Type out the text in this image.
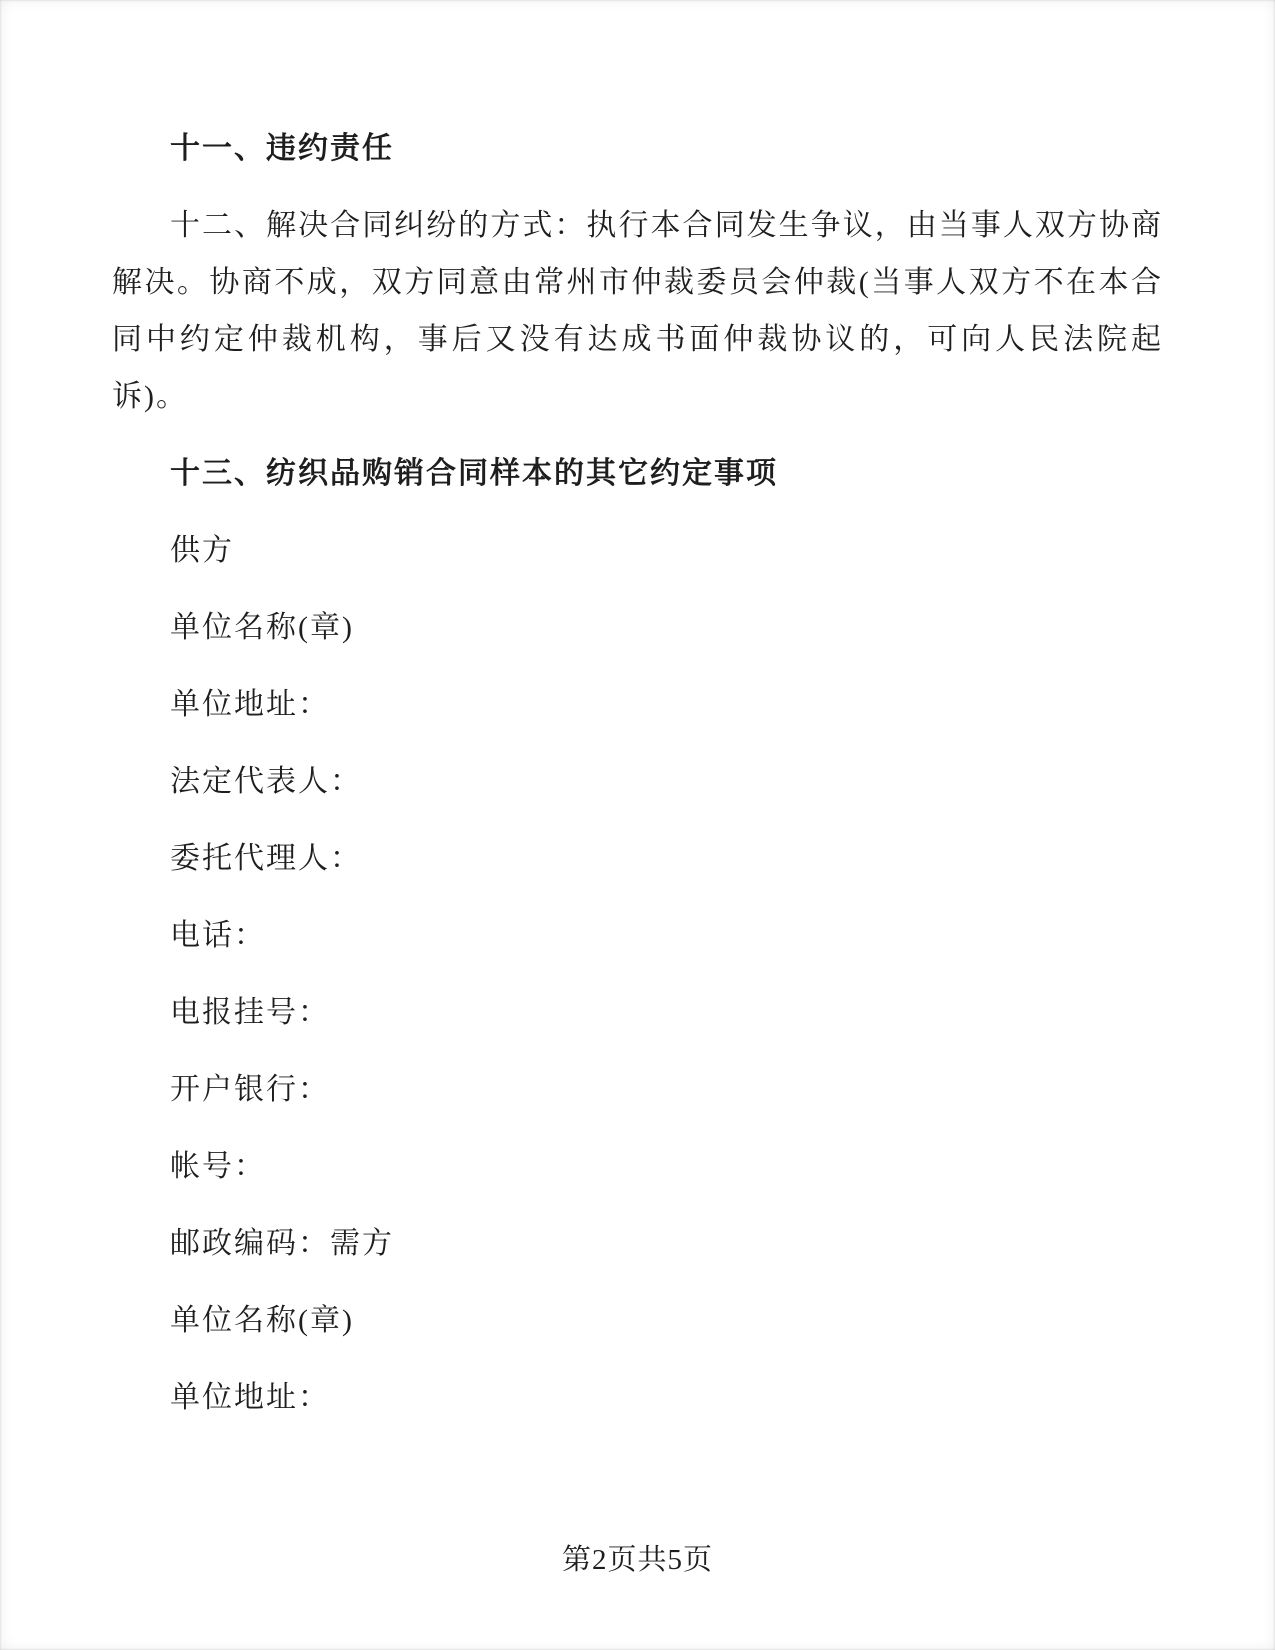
十一、违约责任
十二、解决合同纠纷的方式：执行本合同发生争议，由当事人双方协商解决。协商不成，双方同意由常州市仲裁委员会仲裁(当事人双方不在本合同中约定仲裁机构，事后又没有达成书面仲裁协议的，可向人民法院起诉)。
十三、纺织品购销合同样本的其它约定事项
供方
单位名称(章)
单位地址：
法定代表人：
委托代理人：
电话：
电报挂号：
开户银行：
帐号：
邮政编码：需方
单位名称(章)
单位地址：
第2页共5页
